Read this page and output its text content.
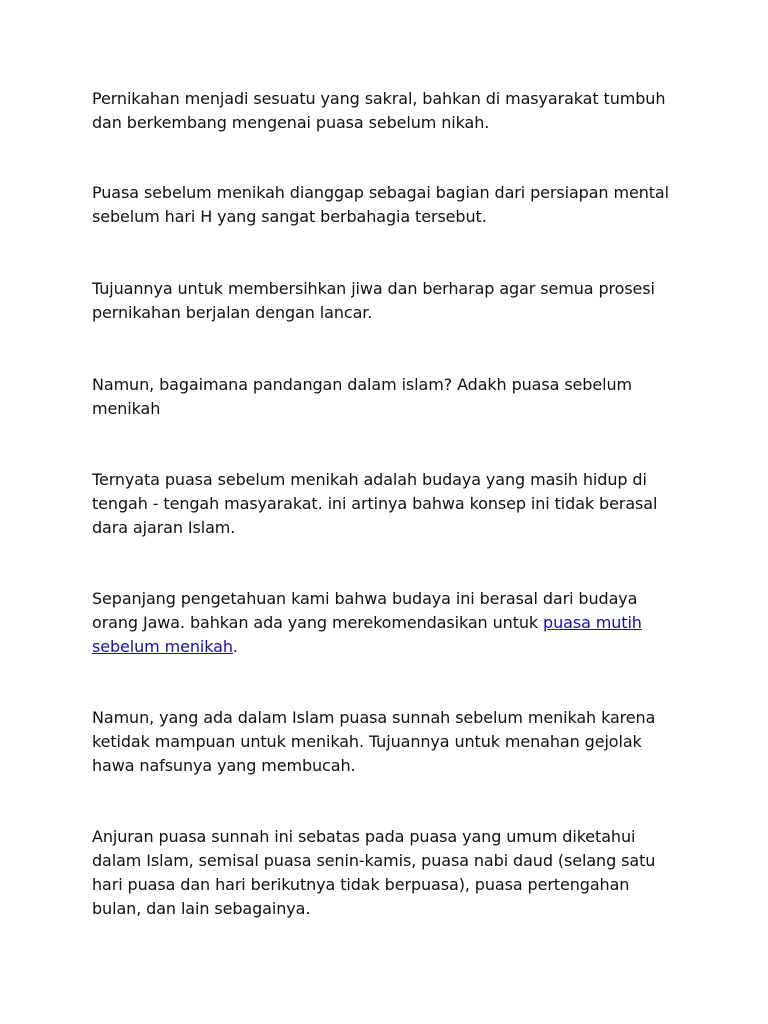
Pernikahan menjadi sesuatu yang sakral, bahkan di masyarakat tumbuh dan berkembang mengenai puasa sebelum nikah.

Puasa sebelum menikah dianggap sebagai bagian dari persiapan mental sebelum hari H yang sangat berbahagia tersebut.

Tujuannya untuk membersihkan jiwa dan berharap agar semua prosesi pernikahan berjalan dengan lancar.

Namun, bagaimana pandangan dalam islam? Adakh puasa sebelum menikah

Ternyata puasa sebelum menikah adalah budaya yang masih hidup di tengah - tengah masyarakat. ini artinya bahwa konsep ini tidak berasal dara ajaran Islam.

Sepanjang pengetahuan kami bahwa budaya ini berasal dari budaya orang Jawa. bahkan ada yang merekomendasikan untuk puasa mutih sebelum menikah.

Namun, yang ada dalam Islam puasa sunnah sebelum menikah karena ketidak mampuan untuk menikah. Tujuannya untuk menahan gejolak hawa nafsunya yang membucah.

Anjuran puasa sunnah ini sebatas pada puasa yang umum diketahui dalam Islam, semisal puasa senin-kamis, puasa nabi daud (selang satu hari puasa dan hari berikutnya tidak berpuasa), puasa pertengahan bulan, dan lain sebagainya.
